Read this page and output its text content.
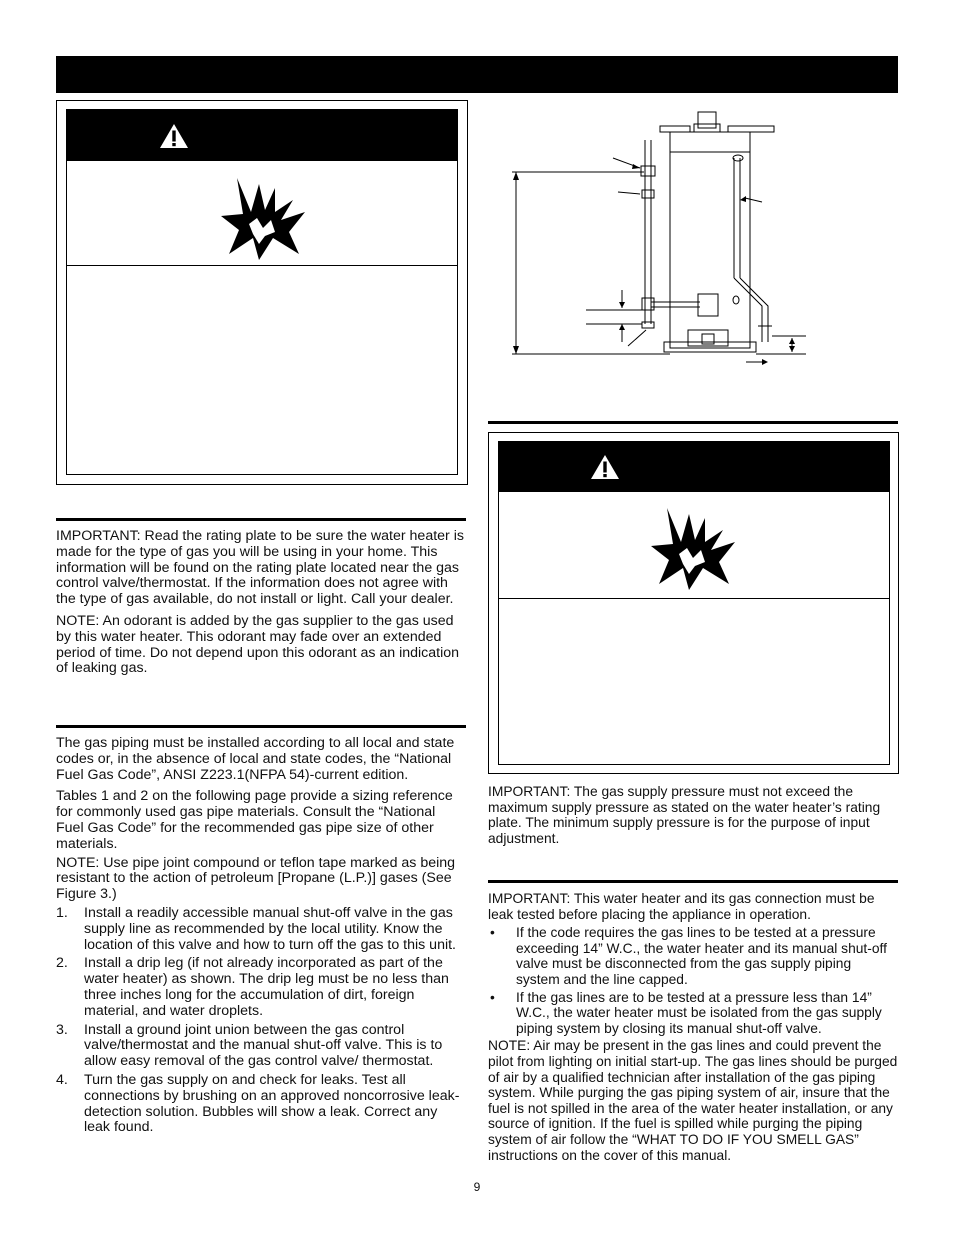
IMPORTANT: Read the rating plate to be sure the water heater is made for the type of gas you will be using in your home. This information will be found on the rating plate located near the gas control valve/thermostat. If the information does not agree with the type of gas available, do not install or light. Call your dealer.

NOTE: An odorant is added by the gas supplier to the gas used by this water heater. This odorant may fade over an extended period of time. Do not depend upon this odorant as an indication of leaking gas.

The gas piping must be installed according to all local and state codes or, in the absence of local and state codes, the “National Fuel Gas Code”, ANSI Z223.1(NFPA 54)-current edition.

Tables 1 and 2 on the following page provide a sizing reference for commonly used gas pipe materials. Consult the “National Fuel Gas Code” for the recommended gas pipe size of other materials.

NOTE: Use pipe joint compound or teflon tape marked as being resistant to the action of petroleum [Propane (L.P.)] gases (See Figure 3.)

1. Install a readily accessible manual shut-off valve in the gas supply line as recommended by the local utility. Know the location of this valve and how to turn off the gas to this unit.
2. Install a drip leg (if not already incorporated as part of the water heater) as shown. The drip leg must be no less than three inches long for the accumulation of dirt, foreign material, and water droplets.
3. Install a ground joint union between the gas control valve/thermostat and the manual shut-off valve. This is to allow easy removal of the gas control valve/ thermostat.
4. Turn the gas supply on and check for leaks. Test all connections by brushing on an approved noncorrosive leak-detection solution. Bubbles will show a leak. Correct any leak found.

IMPORTANT: The gas supply pressure must not exceed the maximum supply pressure as stated on the water heater’s rating plate. The minimum supply pressure is for the purpose of input adjustment.

IMPORTANT: This water heater and its gas connection must be leak tested before placing the appliance in operation.

• If the code requires the gas lines to be tested at a pressure exceeding 14” W.C., the water heater and its manual shut-off valve must be disconnected from the gas supply piping system and the line capped.
• If the gas lines are to be tested at a pressure less than 14” W.C., the water heater must be isolated from the gas supply piping system by closing its manual shut-off valve.

NOTE: Air may be present in the gas lines and could prevent the pilot from lighting on initial start-up. The gas lines should be purged of air by a qualified technician after installation of the gas piping system. While purging the gas piping system of air, insure that the fuel is not spilled in the area of the water heater installation, or any source of ignition. If the fuel is spilled while purging the piping system of air follow the “WHAT TO DO IF YOU SMELL GAS” instructions on the cover of this manual.

9
